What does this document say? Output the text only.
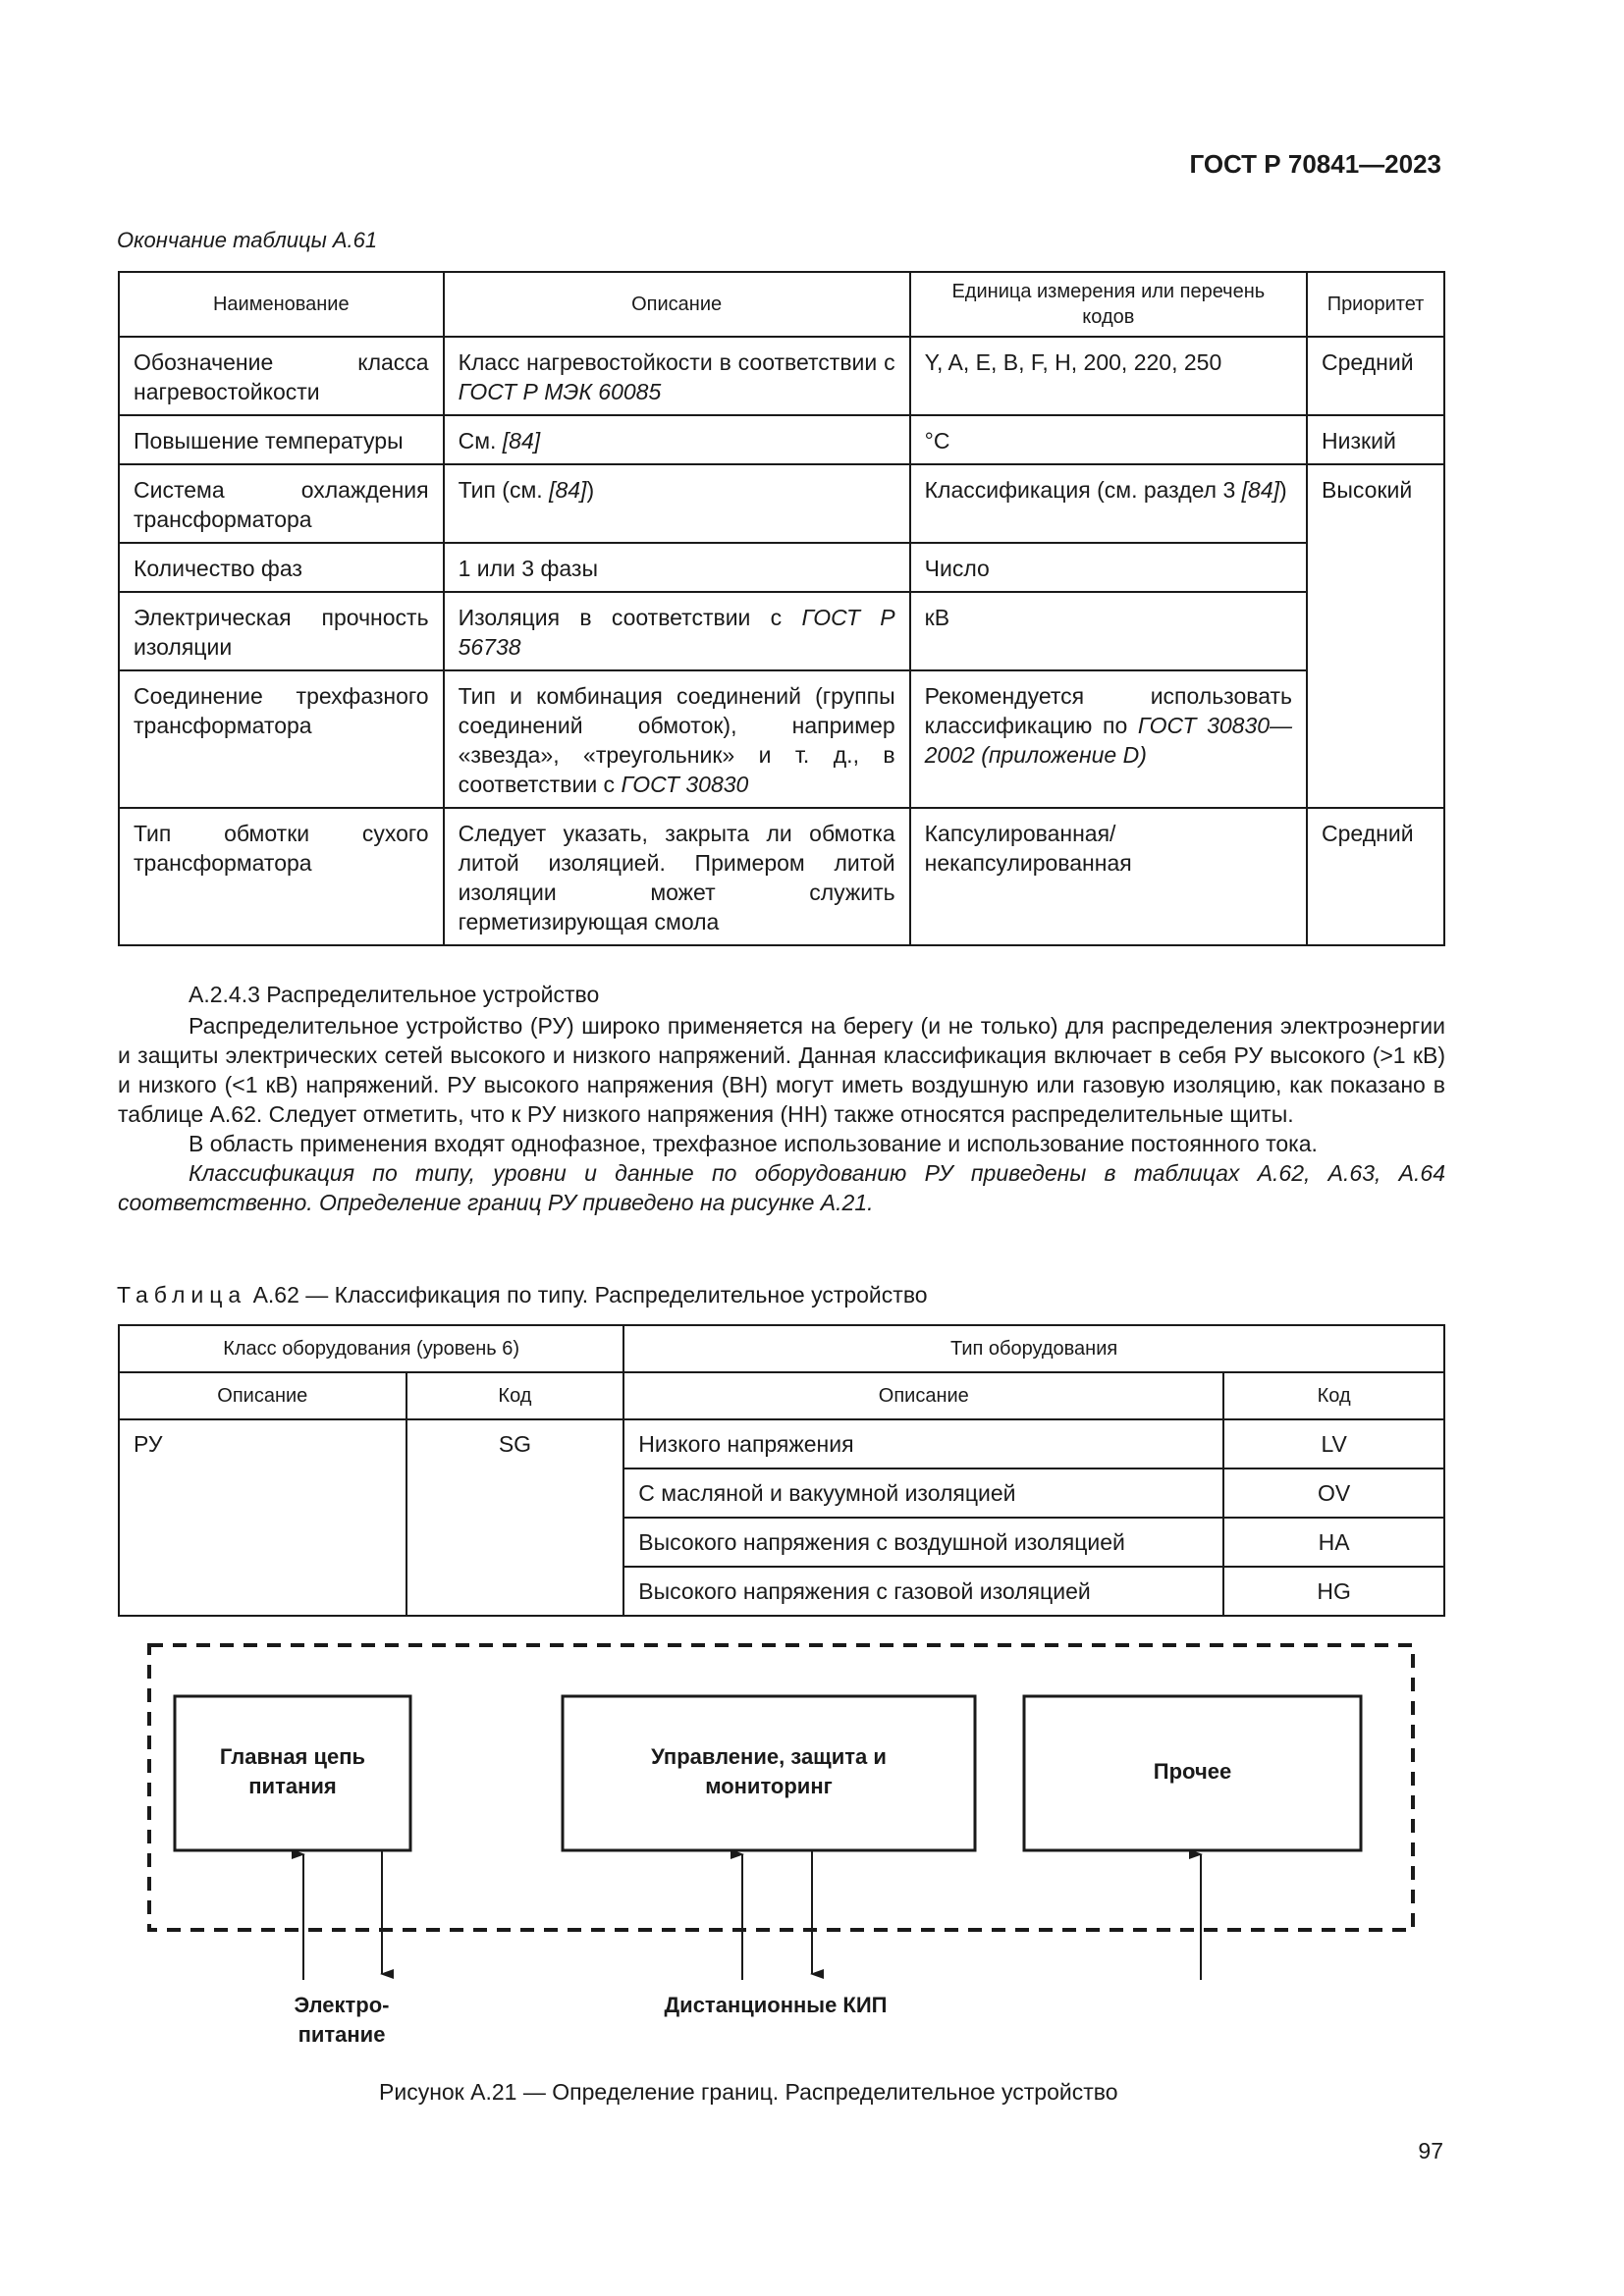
ГОСТ Р 70841—2023
Окончание таблицы А.61
Наименование	Описание	Единица измерения или перечень кодов	Приоритет
Обозначение класса нагревостойкости	Класс нагревостойкости в соответствии с ГОСТ Р МЭК 60085	Y, A, E, B, F, H, 200, 220, 250	Средний
Повышение температуры	См. [84]	°C	Низкий
Система охлаждения трансформатора	Тип (см. [84])	Классификация (см. раздел 3 [84])	Высокий
Количество фаз	1 или 3 фазы	Число	
Электрическая прочность изоляции	Изоляция в соответствии с ГОСТ Р 56738	кВ	
Соединение трехфазного трансформатора	Тип и комбинация соединений (группы соединений обмоток), например «звезда», «треугольник» и т. д., в соответствии с ГОСТ 30830	Рекомендуется использовать классификацию по ГОСТ 30830—2002 (приложение D)	
Тип обмотки сухого трансформатора	Следует указать, закрыта ли обмотка литой изоляцией. Примером литой изоляции может служить герметизирующая смола	Капсулированная/некапсулированная	Средний
А.2.4.3 Распределительное устройство

Распределительное устройство (РУ) широко применяется на берегу (и не только) для распределения электроэнергии и защиты электрических сетей высокого и низкого напряжений. Данная классификация включает в себя РУ высокого (>1 кВ) и низкого (<1 кВ) напряжений. РУ высокого напряжения (ВН) могут иметь воздушную или газовую изоляцию, как показано в таблице А.62. Следует отметить, что к РУ низкого напряжения (НН) также относятся распределительные щиты.

В область применения входят однофазное, трехфазное использование и использование постоянного тока.

Классификация по типу, уровни и данные по оборудованию РУ приведены в таблицах А.62, А.63, А.64 соответственно. Определение границ РУ приведено на рисунке А.21.

Таблица А.62 — Классификация по типу. Распределительное устройство
Класс оборудования (уровень 6)		Тип оборудования	
Описание	Код	Описание	Код
РУ	SG	Низкого напряжения	LV
		С масляной и вакуумной изоляцией	OV
		Высокого напряжения с воздушной изоляцией	HA
		Высокого напряжения с газовой изоляцией	HG
Главная цепь питания
Управление, защита и мониторинг
Прочее
Электро-питание
Дистанционные КИП
Рисунок А.21 — Определение границ. Распределительное устройство
97
